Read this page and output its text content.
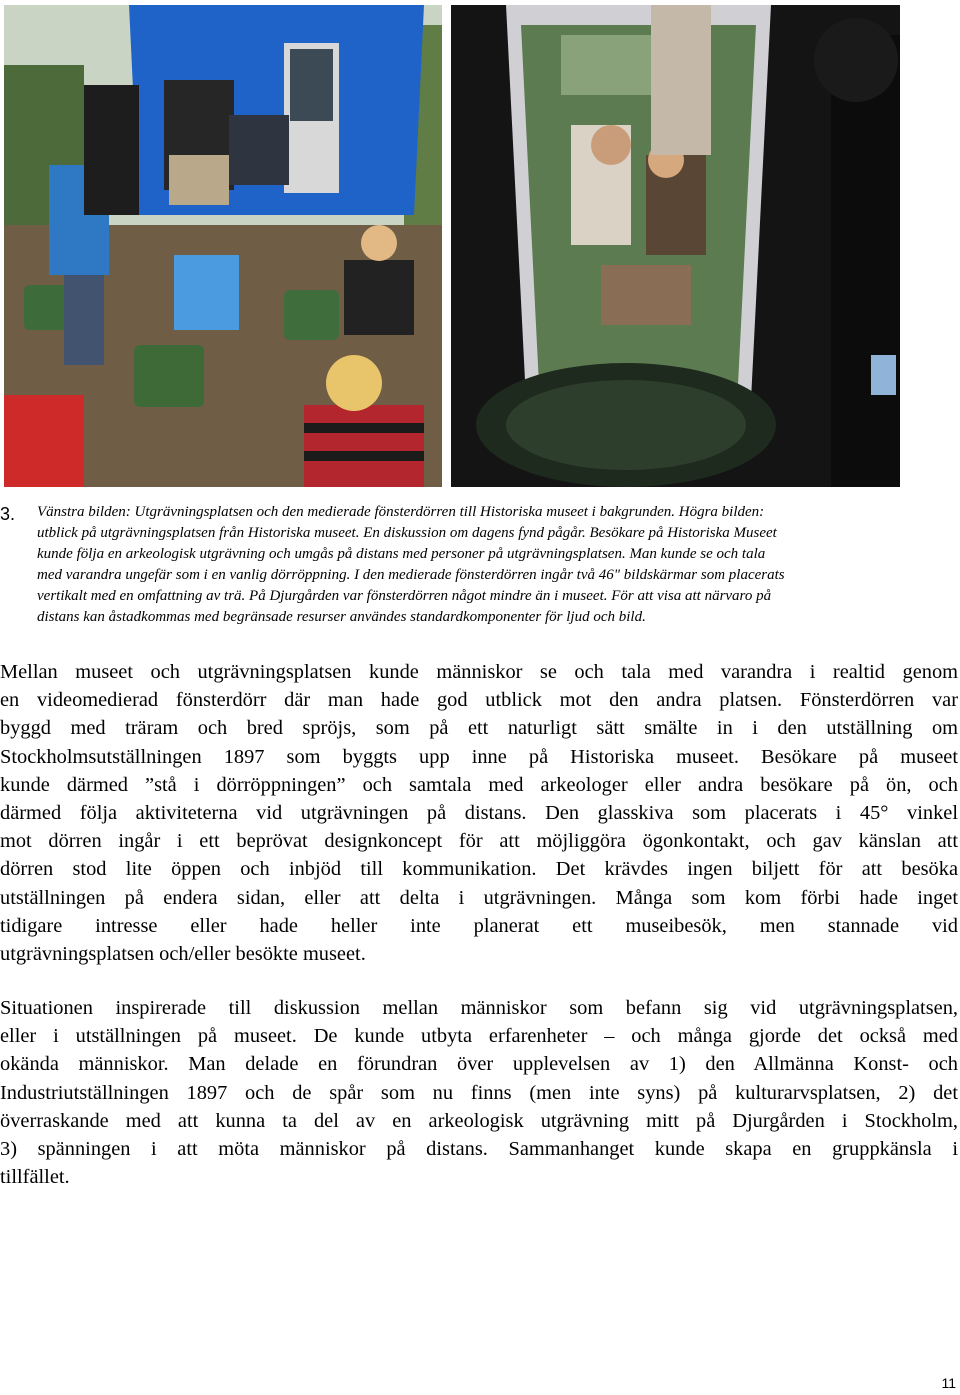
3. Vänstra bilden: Utgrävningsplatsen och den medierade fönsterdörren till Historiska museet i bakgrunden. Högra bilden:

utblick på utgrävningsplatsen från Historiska museet. En diskussion om dagens fynd pågår. Besökare på Historiska Museet

kunde följa en arkeologisk utgrävning och umgås på distans med personer på utgrävningsplatsen. Man kunde se och tala

med varandra ungefär som i en vanlig dörröppning. I den medierade fönsterdörren ingår två 46" bildskärmar som placerats

vertikalt med en omfattning av trä. På Djurgården var fönsterdörren något mindre än i museet. För att visa att närvaro på

distans kan åstadkommas med begränsade resurser användes standardkomponenter för ljud och bild.

Mellan museet och utgrävningsplatsen kunde människor se och tala med varandra i realtid genom
en videomedierad fönsterdörr där man hade god utblick mot den andra platsen. Fönsterdörren var
byggd med träram och bred spröjs, som på ett naturligt sätt smälte in i den utställning om
Stockholmsutställningen 1897 som byggts upp inne på Historiska museet. Besökare på museet
kunde därmed ”stå i dörröppningen” och samtala med arkeologer eller andra besökare på ön, och
därmed följa aktiviteterna vid utgrävningen på distans. Den glasskiva som placerats i 45° vinkel
mot dörren ingår i ett beprövat designkoncept för att möjliggöra ögonkontakt, och gav känslan att
dörren stod lite öppen och inbjöd till kommunikation. Det krävdes ingen biljett för att besöka
utställningen på endera sidan, eller att delta i utgrävningen. Många som kom förbi hade inget
tidigare intresse eller hade heller inte planerat ett museibesök, men stannade vid
utgrävningsplatsen och/eller besökte museet.
Situationen inspirerade till diskussion mellan människor som befann sig vid utgrävningsplatsen,
eller i utställningen på museet. De kunde utbyta erfarenheter – och många gjorde det också med
okända människor. Man delade en förundran över upplevelsen av 1) den Allmänna Konst- och
Industriutställningen 1897 och de spår som nu finns (men inte syns) på kulturarvsplatsen, 2) det
överraskande med att kunna ta del av en arkeologisk utgrävning mitt på Djurgården i Stockholm,
3) spänningen i att möta människor på distans. Sammanhanget kunde skapa en gruppkänsla i
tillfället.
11
